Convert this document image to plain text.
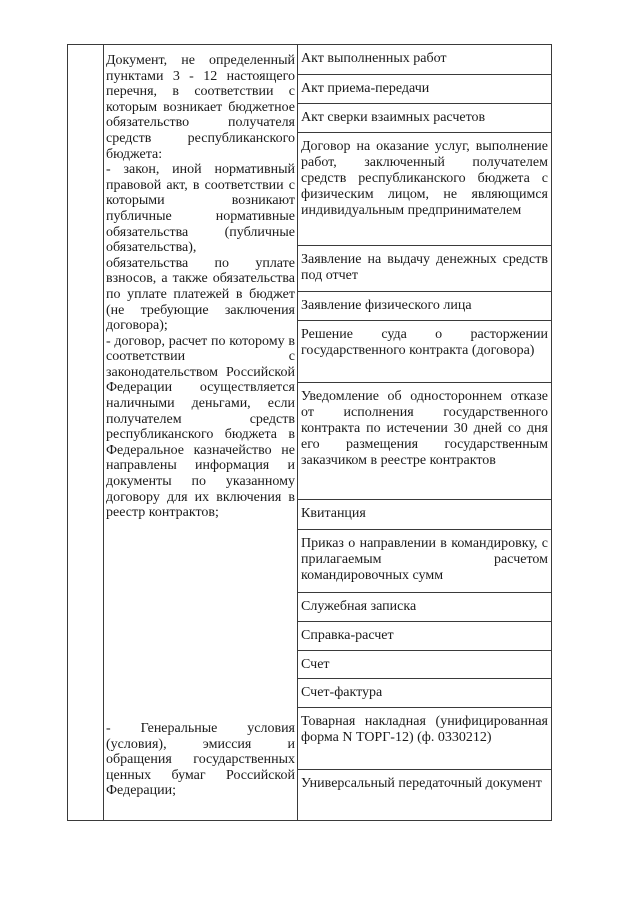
Документ, не определенный пунктами 3 - 12 настоящего перечня, в соответствии с которым возникает бюджетное обязательство получателя средств республиканского бюджета:

- закон, иной нормативный правовой акт, в соответствии с которыми возникают публичные нормативные обязательства (публичные обязательства),

обязательства по уплате взносов, а также обязательства по уплате платежей в бюджет (не требующие заключения договора);

- договор, расчет по которому в соответствии с законодательством Российской Федерации осуществляется наличными деньгами, если получателем средств республиканского бюджета в Федеральное казначейство не направлены информация и документы по указанному договору для их включения в реестр контрактов;

- Генеральные условия (условия), эмиссия и обращения государственных ценных бумаг Российской Федерации;

Акт выполненных работ
Акт приема-передачи
Акт сверки взаимных расчетов
Договор на оказание услуг, выполнение работ, заключенный получателем средств республиканского бюджета с физическим лицом, не являющимся индивидуальным предпринимателем
Заявление на выдачу денежных средств под отчет
Заявление физического лица
Решение суда о расторжении государственного контракта (договора)
Уведомление об одностороннем отказе от исполнения государственного контракта по истечении 30 дней со дня его размещения государственным заказчиком в реестре контрактов
Квитанция
Приказ о направлении в командировку, с прилагаемым расчетом командировочных сумм
Служебная записка
Справка-расчет
Счет
Счет-фактура
Товарная накладная (унифицированная форма N ТОРГ-12) (ф. 0330212)
Универсальный передаточный документ
